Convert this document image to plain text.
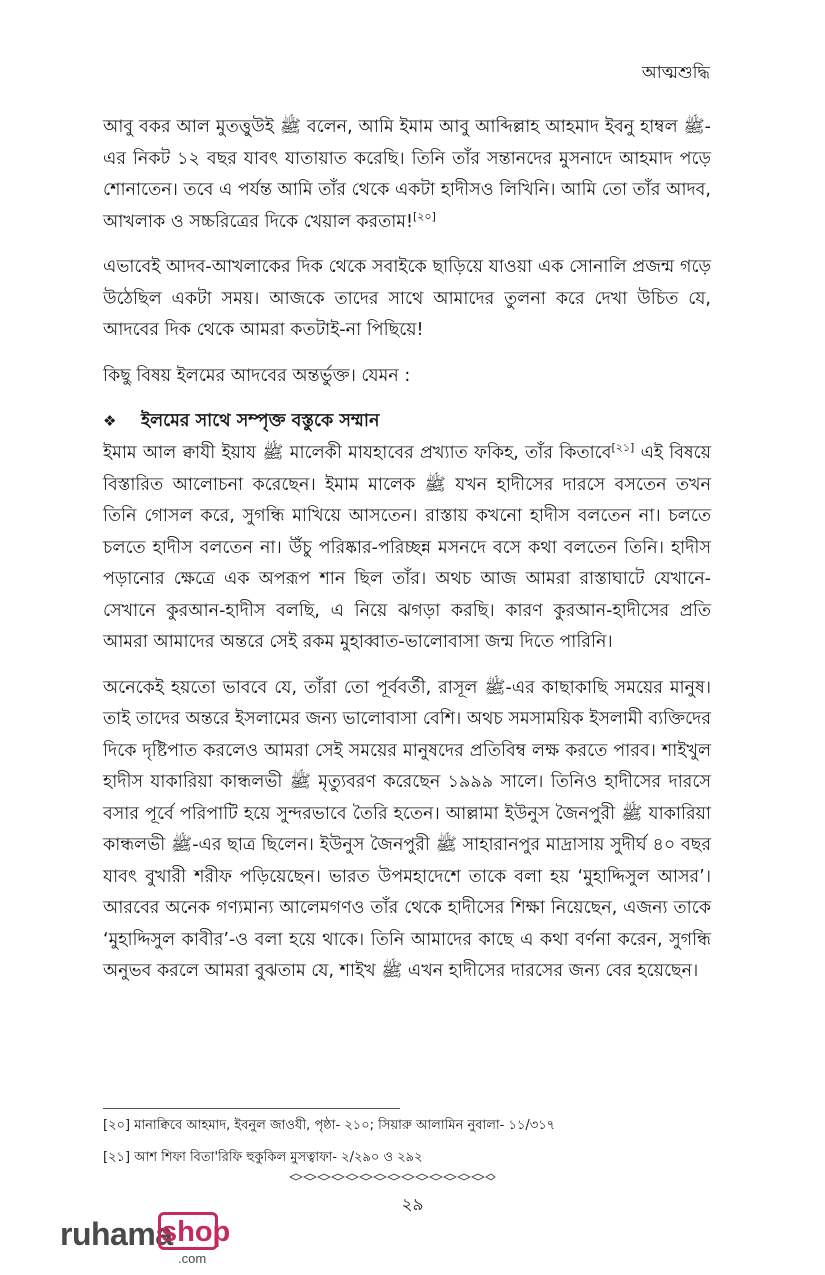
আত্মশুদ্ধি

আবু বকর আল মুতত্তুউই ﷺ বলেন, আমি ইমাম আবু আব্দিল্লাহ আহমাদ ইবনু হাম্বল ﷺ-এর নিকট ১২ বছর যাবৎ যাতায়াত করেছি। তিনি তাঁর সন্তানদের মুসনাদে আহমাদ পড়ে শোনাতেন। তবে এ পর্যন্ত আমি তাঁর থেকে একটা হাদীসও লিখিনি। আমি তো তাঁর আদব, আখলাক ও সচ্চরিত্রের দিকে খেয়াল করতাম![২০]

এভাবেই আদব-আখলাকের দিক থেকে সবাইকে ছাড়িয়ে যাওয়া এক সোনালি প্রজন্ম গড়ে উঠেছিল একটা সময়। আজকে তাদের সাথে আমাদের তুলনা করে দেখা উচিত যে, আদবের দিক থেকে আমরা কতটাই-না পিছিয়ে!

কিছু বিষয় ইলমের আদবের অন্তর্ভুক্ত। যেমন :

❖	ইলমের সাথে সম্পৃক্ত বস্তুকে সম্মান

ইমাম আল ক্বাযী ইয়ায ﷺ মালেকী মাযহাবের প্রখ্যাত ফকিহ, তাঁর কিতাবে[২১] এই বিষয়ে বিস্তারিত আলোচনা করেছেন। ইমাম মালেক ﷺ যখন হাদীসের দারসে বসতেন তখন তিনি গোসল করে, সুগন্ধি মাখিয়ে আসতেন। রাস্তায় কখনো হাদীস বলতেন না। চলতে চলতে হাদীস বলতেন না। উঁচু পরিষ্কার-পরিচ্ছন্ন মসনদে বসে কথা বলতেন তিনি। হাদীস পড়ানোর ক্ষেত্রে এক অপরূপ শান ছিল তাঁর। অথচ আজ আমরা রাস্তাঘাটে যেখানে-সেখানে কুরআন-হাদীস বলছি, এ নিয়ে ঝগড়া করছি। কারণ কুরআন-হাদীসের প্রতি আমরা আমাদের অন্তরে সেই রকম মুহাব্বাত-ভালোবাসা জন্ম দিতে পারিনি।

অনেকেই হয়তো ভাববে যে, তাঁরা তো পূর্ববর্তী, রাসূল ﷺ-এর কাছাকাছি সময়ের মানুষ। তাই তাদের অন্তরে ইসলামের জন্য ভালোবাসা বেশি। অথচ সমসাময়িক ইসলামী ব্যক্তিদের দিকে দৃষ্টিপাত করলেও আমরা সেই সময়ের মানুষদের প্রতিবিম্ব লক্ষ করতে পারব। শাইখুল হাদীস যাকারিয়া কান্ধলভী ﷺ মৃত্যুবরণ করেছেন ১৯৯৯ সালে। তিনিও হাদীসের দারসে বসার পূর্বে পরিপাটি হয়ে সুন্দরভাবে তৈরি হতেন। আল্লামা ইউনুস জৈনপুরী ﷺ যাকারিয়া কান্ধলভী ﷺ-এর ছাত্র ছিলেন। ইউনুস জৈনপুরী ﷺ সাহারানপুর মাদ্রাসায় সুদীর্ঘ ৪০ বছর যাবৎ বুখারী শরীফ পড়িয়েছেন। ভারত উপমহাদেশে তাকে বলা হয় ‘মুহাদ্দিসুল আসর’। আরবের অনেক গণ্যমান্য আলেমগণও তাঁর থেকে হাদীসের শিক্ষা নিয়েছেন, এজন্য তাকে ‘মুহাদ্দিসুল কাবীর’-ও বলা হয়ে থাকে। তিনি আমাদের কাছে এ কথা বর্ণনা করেন, সুগন্ধি অনুভব করলে আমরা বুঝতাম যে, শাইখ ﷺ এখন হাদীসের দারসের জন্য বের হয়েছেন।

[২০] মানাক্বিবে আহমাদ, ইবনুল জাওযী, পৃষ্ঠা- ২১০; সিয়ারু আলামিন নুবালা- ১১/৩১৭
[২১] আশ শিফা বিতা'রিফি হুকুকিল মুসত্বাফা- ২/২৯০ ও ২৯২
২৯
ruhama
shop
.com
